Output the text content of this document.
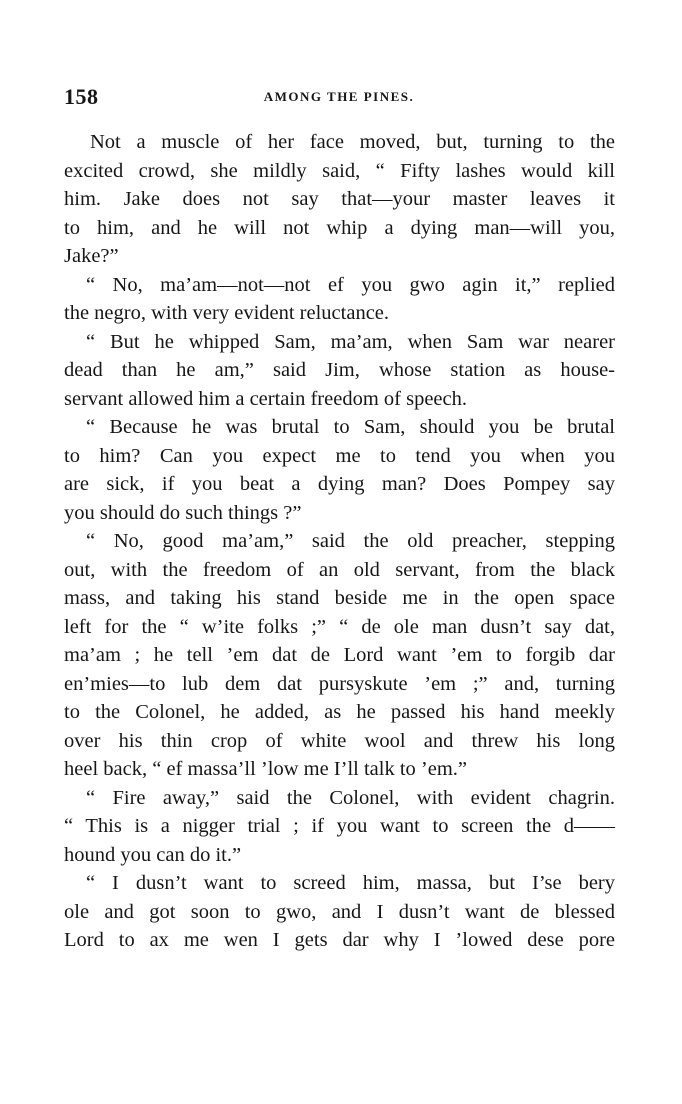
158	AMONG THE PINES.
Not a muscle of her face moved, but, turning to the
excited crowd, she mildly said, “ Fifty lashes would kill
him. Jake does not say that—your master leaves it
to him, and he will not whip a dying man—will you,
Jake?”
“ No, ma’am—not—not ef you gwo agin it,” replied
the negro, with very evident reluctance.
“ But he whipped Sam, ma’am, when Sam war nearer
dead than he am,” said Jim, whose station as house-
servant allowed him a certain freedom of speech.
“ Because he was brutal to Sam, should you be brutal
to him? Can you expect me to tend you when you
are sick, if you beat a dying man? Does Pompey say
you should do such things ?”
“ No, good ma’am,” said the old preacher, stepping
out, with the freedom of an old servant, from the black
mass, and taking his stand beside me in the open space
left for the “ w’ite folks ;” “ de ole man dusn’t say dat,
ma’am ; he tell ’em dat de Lord want ’em to forgib dar
en’mies—to lub dem dat pursyskute ’em ;” and, turning
to the Colonel, he added, as he passed his hand meekly
over his thin crop of white wool and threw his long
heel back, “ ef massa’ll ’low me I’ll talk to ’em.”
“ Fire away,” said the Colonel, with evident chagrin.
“ This is a nigger trial ; if you want to screen the d——
hound you can do it.”
“ I dusn’t want to screed him, massa, but I’se bery
ole and got soon to gwo, and I dusn’t want de blessed
Lord to ax me wen I gets dar why I ’lowed dese pore
